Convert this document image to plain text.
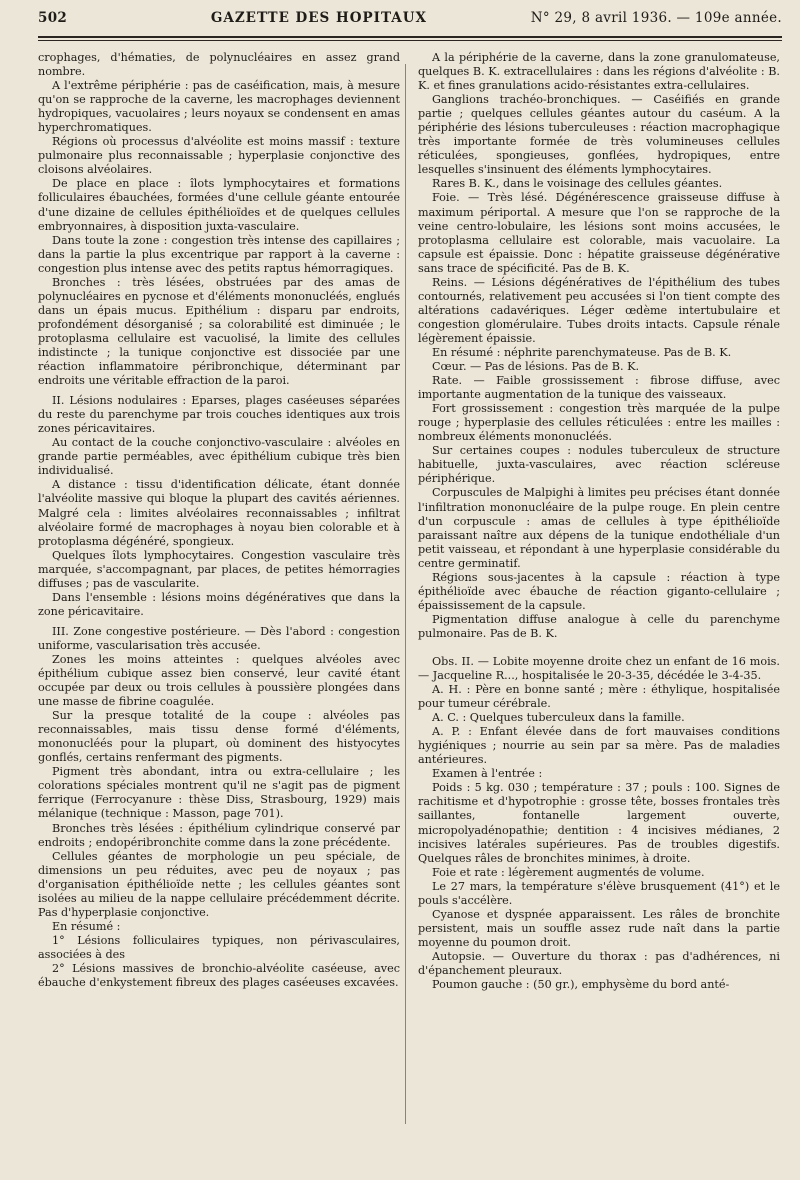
502	GAZETTE DES HOPITAUX	N° 29, 8 avril 1936. — 109e année.

crophages, d'hématies, de polynucléaires en assez grand nombre.

A l'extrême périphérie : pas de caséification, mais, à mesure qu'on se rapproche de la caverne, les macrophages deviennent hydropiques, vacuolaires ; leurs noyaux se condensent en amas hyperchromatiques.

Régions où processus d'alvéolite est moins massif : texture pulmonaire plus reconnaissable ; hyperplasie conjonctive des cloisons alvéolaires.

De place en place : îlots lymphocytaires et formations folliculaires ébauchées, formées d'une cellule géante entourée d'une dizaine de cellules épithélioïdes et de quelques cellules embryonnaires, à disposition juxta-vasculaire.

Dans toute la zone : congestion très intense des capillaires ; dans la partie la plus excentrique par rapport à la caverne : congestion plus intense avec des petits raptus hémorragiques.

Bronches : très lésées, obstruées par des amas de polynucléaires en pycnose et d'éléments mononucléés, englués dans un épais mucus. Epithélium : disparu par endroits, profondément désorganisé ; sa colorabilité est diminuée ; le protoplasma cellulaire est vacuolisé, la limite des cellules indistincte ; la tunique conjonctive est dissociée par une réaction inflammatoire péribronchique, déterminant par endroits une véritable effraction de la paroi.

II. Lésions nodulaires : Eparses, plages caséeuses séparées du reste du parenchyme par trois couches identiques aux trois zones péricavitaires.

Au contact de la couche conjonctivo-vasculaire : alvéoles en grande partie perméables, avec épithélium cubique très bien individualisé.

A distance : tissu d'identification délicate, étant donnée l'alvéolite massive qui bloque la plupart des cavités aériennes. Malgré cela : limites alvéolaires reconnaissables ; infiltrat alvéolaire formé de macrophages à noyau bien colorable et à protoplasma dégénéré, spongieux.

Quelques îlots lymphocytaires. Congestion vasculaire très marquée, s'accompagnant, par places, de petites hémorragies diffuses ; pas de vascularite.

Dans l'ensemble : lésions moins dégénératives que dans la zone péricavitaire.

III. Zone congestive postérieure. — Dès l'abord : congestion uniforme, vascularisation très accusée.

Zones les moins atteintes : quelques alvéoles avec épithélium cubique assez bien conservé, leur cavité étant occupée par deux ou trois cellules à poussière plongées dans une masse de fibrine coagulée.

Sur la presque totalité de la coupe : alvéoles pas reconnaissables, mais tissu dense formé d'éléments, mononucléés pour la plupart, où dominent des histyocytes gonflés, certains renfermant des pigments.

Pigment très abondant, intra ou extra-cellulaire ; les colorations spéciales montrent qu'il ne s'agit pas de pigment ferrique (Ferrocyanure : thèse Diss, Strasbourg, 1929) mais mélanique (technique : Masson, page 701).

Bronches très lésées : épithélium cylindrique conservé par endroits ; endopéribronchite comme dans la zone précédente.

Cellules géantes de morphologie un peu spéciale, de dimensions un peu réduites, avec peu de noyaux ; pas d'organisation épithélioïde nette ; les cellules géantes sont isolées au milieu de la nappe cellulaire précédemment décrite. Pas d'hyperplasie conjonctive.

En résumé :

1° Lésions folliculaires typiques, non périvasculaires, associées à des

2° Lésions massives de bronchio-alvéolite caséeuse, avec ébauche d'enkystement fibreux des plages caséeuses excavées.

A la périphérie de la caverne, dans la zone granulomateuse, quelques B. K. extracellulaires : dans les régions d'alvéolite : B. K. et fines granulations acido-résistantes extra-cellulaires.

Ganglions trachéo-bronchiques. — Caséifiés en grande partie ; quelques cellules géantes autour du caséum. A la périphérie des lésions tuberculeuses : réaction macrophagique très importante formée de très volumineuses cellules réticulées, spongieuses, gonflées, hydropiques, entre lesquelles s'insinuent des éléments lymphocytaires.

Rares B. K., dans le voisinage des cellules géantes.

Foie. — Très lésé. Dégénérescence graisseuse diffuse à maximum périportal. A mesure que l'on se rapproche de la veine centro-lobulaire, les lésions sont moins accusées, le protoplasma cellulaire est colorable, mais vacuolaire. La capsule est épaissie. Donc : hépatite graisseuse dégénérative sans trace de spécificité. Pas de B. K.

Reins. — Lésions dégénératives de l'épithélium des tubes contournés, relativement peu accusées si l'on tient compte des altérations cadavériques. Léger œdème intertubulaire et congestion glomérulaire. Tubes droits intacts. Capsule rénale légèrement épaissie.

En résumé : néphrite parenchymateuse. Pas de B. K.

Cœur. — Pas de lésions. Pas de B. K.

Rate. — Faible grossissement : fibrose diffuse, avec importante augmentation de la tunique des vaisseaux.

Fort grossissement : congestion très marquée de la pulpe rouge ; hyperplasie des cellules réticulées : entre les mailles : nombreux éléments mononucléés.

Sur certaines coupes : nodules tuberculeux de structure habituelle, juxta-vasculaires, avec réaction scléreuse périphérique.

Corpuscules de Malpighi à limites peu précises étant donnée l'infiltration mononucléaire de la pulpe rouge. En plein centre d'un corpuscule : amas de cellules à type épithélioïde paraissant naître aux dépens de la tunique endothéliale d'un petit vaisseau, et répondant à une hyperplasie considérable du centre germinatif.

Régions sous-jacentes à la capsule : réaction à type épithélioïde avec ébauche de réaction giganto-cellulaire ; épaississement de la capsule.

Pigmentation diffuse analogue à celle du parenchyme pulmonaire. Pas de B. K.

Obs. II. — Lobite moyenne droite chez un enfant de 16 mois. — Jacqueline R..., hospitalisée le 20-3-35, décédée le 3-4-35.

A. H. : Père en bonne santé ; mère : éthylique, hospitalisée pour tumeur cérébrale.

A. C. : Quelques tuberculeux dans la famille.

A. P. : Enfant élevée dans de fort mauvaises conditions hygiéniques ; nourrie au sein par sa mère. Pas de maladies antérieures.

Examen à l'entrée :

Poids : 5 kg. 030 ; température : 37 ; pouls : 100. Signes de rachitisme et d'hypotrophie : grosse tête, bosses frontales très saillantes, fontanelle largement ouverte, micropolyadénopathie; dentition : 4 incisives médianes, 2 incisives latérales supérieures. Pas de troubles digestifs. Quelques râles de bronchites minimes, à droite.

Foie et rate : légèrement augmentés de volume.

Le 27 mars, la température s'élève brusquement (41°) et le pouls s'accélère.

Cyanose et dyspnée apparaissent. Les râles de bronchite persistent, mais un souffle assez rude naît dans la partie moyenne du poumon droit.

Autopsie. — Ouverture du thorax : pas d'adhérences, ni d'épanchement pleuraux.

Poumon gauche : (50 gr.), emphysème du bord anté-
